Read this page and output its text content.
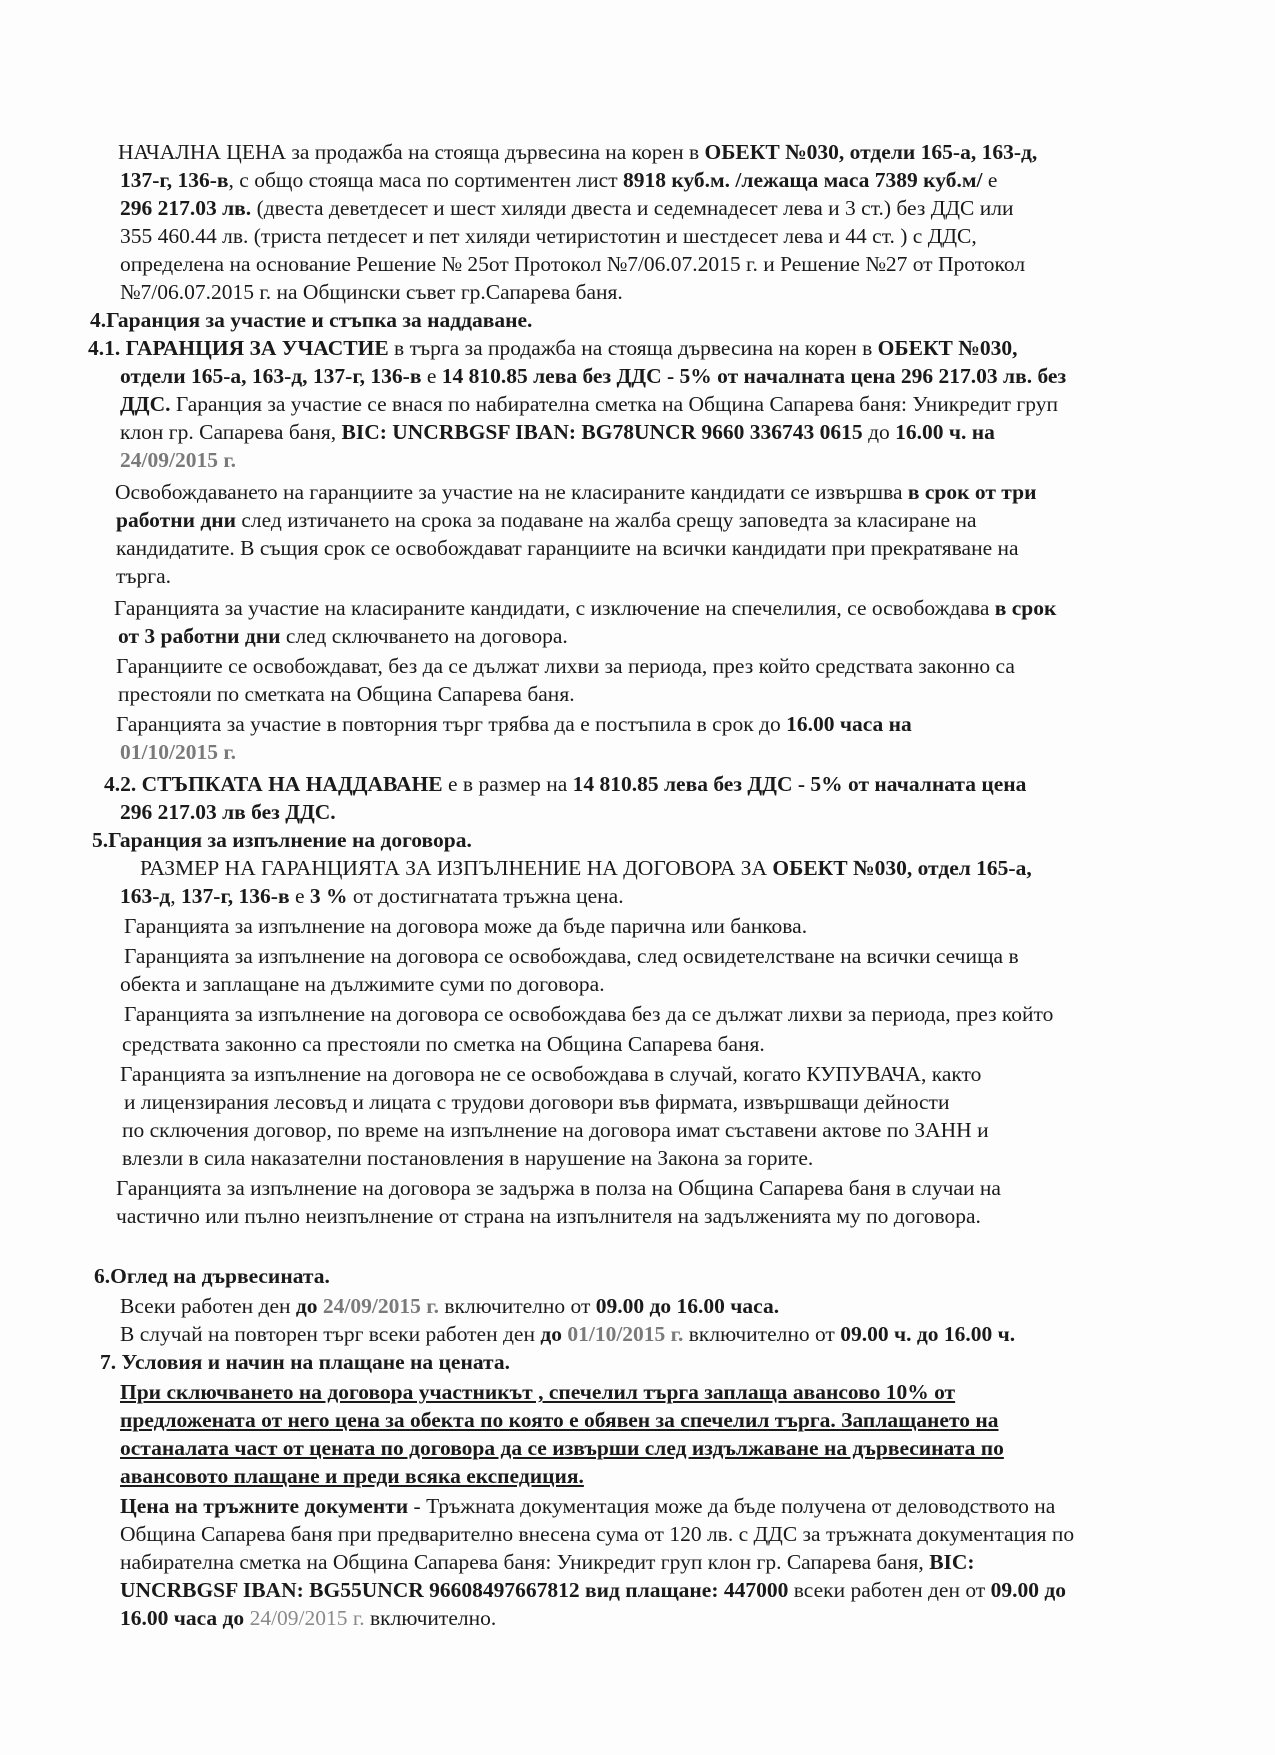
НАЧАЛНА ЦЕНА за продажба на стояща дървесина на корен в ОБЕКТ №030, отдели 165-а, 163-д,
137-г, 136-в, с общо стояща маса по сортиментен лист 8918 куб.м. /лежаща маса 7389 куб.м/ е
296 217.03 лв. (двеста деветдесет и шест хиляди двеста и седемнадесет лева и 3 ст.) без ДДС или
355 460.44 лв. (триста петдесет и пет хиляди четиристотин и шестдесет лева и 44 ст. ) с ДДС,
определена на основание Решение № 25от Протокол №7/06.07.2015 г. и Решение №27 от Протокол
№7/06.07.2015 г. на Общински съвет гр.Сапарева баня.
4.Гаранция за участие и стъпка за наддаване.
4.1. ГАРАНЦИЯ ЗА УЧАСТИЕ в търга за продажба на стояща дървесина на корен в ОБЕКТ №030,
отдели 165-а, 163-д, 137-г, 136-в е 14 810.85 лева без ДДС - 5% от началната цена 296 217.03 лв. без
ДДС. Гаранция за участие се внася по набирателна сметка на Община Сапарева баня: Уникредит груп
клон гр. Сапарева баня, BIC: UNCRBGSF IBAN: BG78UNCR 9660 336743 0615 до 16.00 ч. на
24/09/2015 г.
Освобождаването на гаранциите за участие на не класираните кандидати се извършва в срок от три
работни дни след изтичането на срока за подаване на жалба срещу заповедта за класиране на
кандидатите. В същия срок се освобождават гаранциите на всички кандидати при прекратяване на
търга.
Гаранцията за участие на класираните кандидати, с изключение на спечелилия, се освобождава в срок
от 3 работни дни след сключването на договора.
Гаранциите се освобождават, без да се дължат лихви за периода, през който средствата законно са
престояли по сметката на Община Сапарева баня.
Гаранцията за участие в повторния търг трябва да е постъпила в срок до 16.00 часа на
01/10/2015 г.
4.2. СТЪПКАТА НА НАДДАВАНЕ е в размер на 14 810.85 лева без ДДС - 5% от началната цена
296 217.03 лв без ДДС.
5.Гаранция за изпълнение на договора.
РАЗМЕР НА ГАРАНЦИЯТА ЗА ИЗПЪЛНЕНИЕ НА ДОГОВОРА ЗА ОБЕКТ №030, отдел 165-а,
163-д, 137-г, 136-в е 3 % от достигнатата тръжна цена.
Гаранцията за изпълнение на договора може да бъде парична или банкова.
Гаранцията за изпълнение на договора се освобождава, след освидетелстване на всички сечища в
обекта и заплащане на дължимите суми по договора.
Гаранцията за изпълнение на договора се освобождава без да се дължат лихви за периода, през който
средствата законно са престояли по сметка на Община Сапарева баня.
Гаранцията за изпълнение на договора не се освобождава в случай, когато КУПУВАЧА, както
и лицензирания лесовъд и лицата с трудови договори във фирмата, извършващи дейности
по сключения договор, по време на изпълнение на договора имат съставени актове по ЗАНН и
влезли в сила наказателни постановления в нарушение на Закона за горите.
Гаранцията за изпълнение на договора зе задържа в полза на Община Сапарева баня в случаи на
частично или пълно неизпълнение от страна на изпълнителя на задълженията му по договора.
6.Оглед на дървесината.
Всеки работен ден до 24/09/2015 г. включително от 09.00 до 16.00 часа.
В случай на повторен търг всеки работен ден до 01/10/2015 г. включително от 09.00 ч. до 16.00 ч.
7. Условия и начин на плащане на цената.
При сключването на договора участникът , спечелил търга заплаща авансово 10% от
предложената от него цена за обекта по която е обявен за спечелил търга. Заплащането на
останалата част от цената по договора да се извърши след издължаване на дървесината по
авансовото плащане и преди всяка експедиция.
Цена на тръжните документи - Тръжната документация може да бъде получена от деловодството на
Община Сапарева баня при предварително внесена сума от 120 лв. с ДДС за тръжната документация по
набирателна сметка на Община Сапарева баня: Уникредит груп клон гр. Сапарева баня, BIC:
UNCRBGSF IBAN: BG55UNCR 96608497667812 вид плащане: 447000 всеки работен ден от 09.00 до
16.00 часа до 24/09/2015 г. включително.
